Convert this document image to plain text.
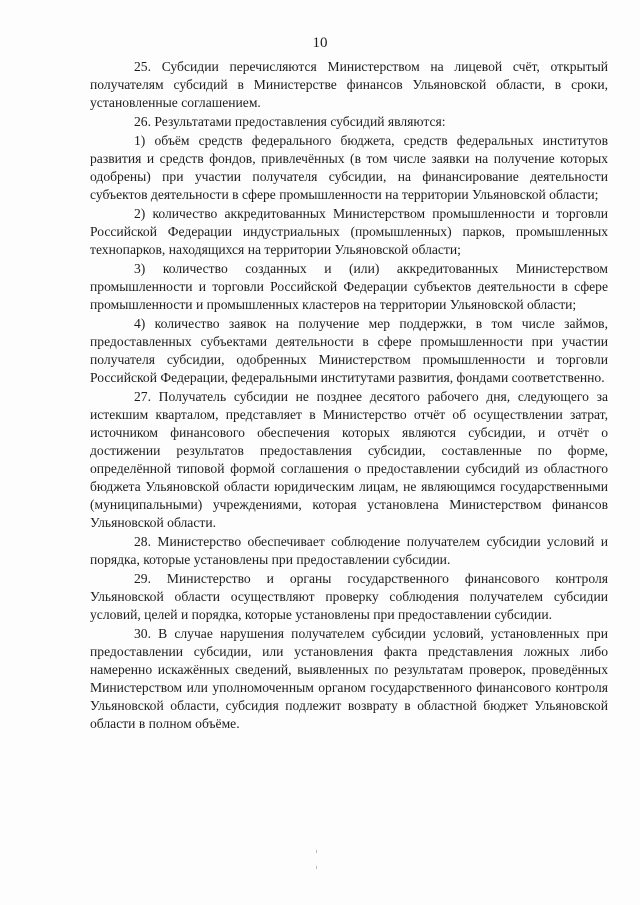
10

25. Субсидии перечисляются Министерством на лицевой счёт, открытый получателям субсидий в Министерстве финансов Ульяновской области, в сроки, установленные соглашением.

26. Результатами предоставления субсидий являются:

1) объём средств федерального бюджета, средств федеральных институтов развития и средств фондов, привлечённых (в том числе заявки на получение которых одобрены) при участии получателя субсидии, на финансирование деятельности субъектов деятельности в сфере промышленности на территории Ульяновской области;

2) количество аккредитованных Министерством промышленности и торговли Российской Федерации индустриальных (промышленных) парков, промышленных технопарков, находящихся на территории Ульяновской области;

3) количество созданных и (или) аккредитованных Министерством промышленности и торговли Российской Федерации субъектов деятельности в сфере промышленности и промышленных кластеров на территории Ульяновской области;

4) количество заявок на получение мер поддержки, в том числе займов, предоставленных субъектами деятельности в сфере промышленности при участии получателя субсидии, одобренных Министерством промышленности и торговли Российской Федерации, федеральными институтами развития, фондами соответственно.

27. Получатель субсидии не позднее десятого рабочего дня, следующего за истекшим кварталом, представляет в Министерство отчёт об осуществлении затрат, источником финансового обеспечения которых являются субсидии, и отчёт о достижении результатов предоставления субсидии, составленные по форме, определённой типовой формой соглашения о предоставлении субсидий из областного бюджета Ульяновской области юридическим лицам, не являющимся государственными (муниципальными) учреждениями, которая установлена Министерством финансов Ульяновской области.

28. Министерство обеспечивает соблюдение получателем субсидии условий и порядка, которые установлены при предоставлении субсидии.

29. Министерство и органы государственного финансового контроля Ульяновской области осуществляют проверку соблюдения получателем субсидии условий, целей и порядка, которые установлены при предоставлении субсидии.

30. В случае нарушения получателем субсидии условий, установленных при предоставлении субсидии, или установления факта представления ложных либо намеренно искажённых сведений, выявленных по результатам проверок, проведённых Министерством или уполномоченным органом государственного финансового контроля Ульяновской области, субсидия подлежит возврату в областной бюджет Ульяновской области в полном объёме.
